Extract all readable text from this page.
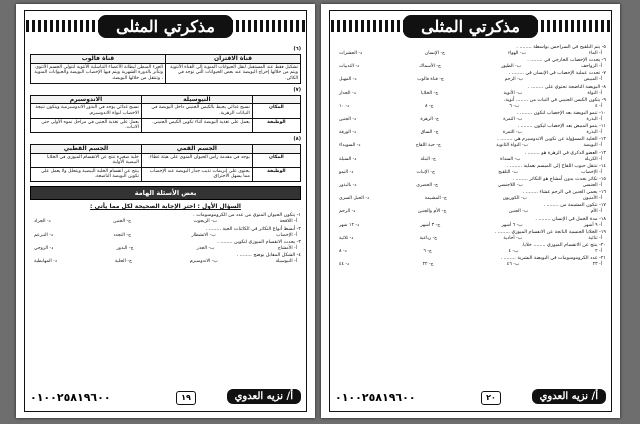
مذكرتي المثلى
(٦)
قناة الاقتران	قناة فالوب
تشكيل فقط عند المستقبل لنقل الحيوانات المنوية إلى القناة الأنثوية ويتم من خلالها إخراج البويضة عند بعض الحيوانات التي توجد في الكائن.	الجزء المبطن لبطانة الأعضاء التناسلية الأنثوية لتتولى الجسم الأنثوي وتتأثر بالدورة الشهرية ويتم فيها الإخصاب البويضة والحيوانات المنوية ، وتنتقل من خلالها البويضة.
(٧)
	النيوسيلة	الاندوسبرم
المكان	نسيج غذائي يحيط بالكيس الجنيني داخل البويضة في النباتات الزهرية.	نسيج غذائي يوجد في البذور الاندوسبرمية ويتكون نتيجة الاخصاب لنواة الاندوسبرم.
الوظيفة	يعمل على تغذية البويضة أثناء تكوين الكيس الجنيني.	يعمل على تغذية الجنين في مراحل نموه الأولى حتى الانبات.
(٨)
	الجسم القمي	الجسم القطبي
المكان	يوجد في مقدمة رأس الحيوان المنوي على هيئة غطاء.	خلية صغيرة تنتج عن الانقسام الميوزي في الخلايا البيضية الأولية.
الوظيفة	يحتوي على إنزيمات تذيب جدار البويضة عند الإخصاب مما يسهل الاختراق.	ينتج عن انقسام الخلية البيضية ويتحلل ولا يعمل على تكوين البويضة الناضجة.
بعض الأسئلة الهامة
السؤال الأول : اختر الإجابة الصحيحة لكل مما يأتي :
١- يتكون الحيوان المنوي من عدد من الكروموسومات .
أ- اللاقحة
ب- الزيجوت
ج- الجنين
د- الجراد
٢- أبسط أنواع التكاثر في الكائنات الحية ........ .
أ- الإخصاب
ب- الانشطار
ج- التجدد
د- التبرعم
٣- يحدث الانقسام الميوزي لتكوين ........ .
أ- الأمشاج
ب- الجذر
ج- البذور
د- الزوجي
٤- الشكل المقابل يوضح ........ .
أ- النيوسيلة
ب- الاندوسبرم
ج- الخلية
د- المهابطية
٠١٠٠٢٥٨١٩٦٠٠	١٩	أ/ نزيه العدوي
مذكرتي المثلى
٥- يتم التلقيح في السراخس بواسطة ........ .
أ- الماء
ب- الهواء
ج- الإنسان
د- الحشرات
٦- يحدث الإخصاب الخارجي في ........ .
أ- الزواحف
ب- الطيور
ج- الأسماك
د- الثدييات
٧- تحدث عملية الإخصاب في الإنسان في ........ .
أ- المبيض
ب- الرحم
ج- قناة فالوب
د- المهبل
٨- البويضة الناضجة تحتوي على ........ .
أ- النواة
ب- الأنوية
ج- الخلايا
د- الجدار
٩- يتكون الكيس الجنيني في النبات من ........ أنوية.
أ- ٤
ب- ٦
ج- ٨
د- ١٠
١٠- تنمو البويضة بعد الإخصاب لتكون ........ .
أ- البذرة
ب- الثمرة
ج- الزهرة
د- الجنين
١١- ينمو المبيض بعد الإخصاب ليكون ........ .
أ- البذرة
ب- الثمرة
ج- الساق
د- الورقة
١٢- الخلية المسؤولة عن تكوين الاندوسبرم هي ........ .
أ- البويضة
ب- النواة الثانوية
ج- حبة اللقاح
د- السويداء
١٣- العضو الذكري في الزهرة هو ........ .
أ- الكربلة
ب- السداة
ج- البتلة
د- السبلة
١٤- تنتقل حبوب اللقاح إلى الميسم بعملية ........ .
أ- الإخصاب
ب- التلقيح
ج- الإنبات
د- النمو
١٥- تكاثر يحدث بدون أمشاج هو التكاثر ........ .
أ- الجنسي
ب- اللاجنسي
ج- الخضري
د- بالبذور
١٦- يحمي الجنين في الرحم غشاء ........ .
أ- الأمنيون
ب- الكوريون
ج- المشيمة
د- الحبل السري
١٧- تتكون المشيمة من ........ .
أ- الأم
ب- الجنين
ج- الأم والجنين
د- الرحم
١٨- مدة الحمل في الإنسان ........ .
أ- ٩ أشهر
ب- ٦ أشهر
ج- ٣ أشهر
د- ١٢ شهر
١٩- الخلايا الجنسية الناتجة عن الانقسام الميوزي ........ .
أ- ثنائية
ب- أحادية
ج- رباعية
د- ثلاثية
٢٠- ينتج عن الانقسام الميوزي ........ خلايا.
أ- ٢
ب- ٤
ج- ٦
د- ٨
٢١- عدد الكروموسومات في البويضة البشرية ........ .
أ- ٢٣
ب- ٤٦
ج- ٢٢
د- ٤٤
٠١٠٠٢٥٨١٩٦٠٠	٢٠	أ/ نزيه العدوي
